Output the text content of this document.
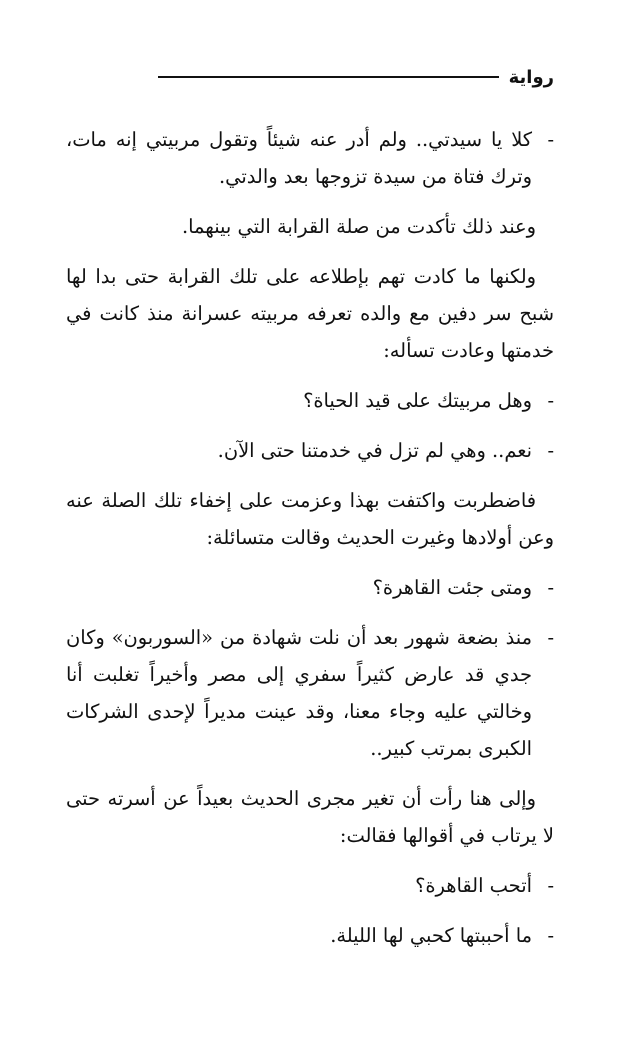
رواية

-كلا يا سيدتي.. ولم أدر عنه شيئاً وتقول مربيتي إنه مات، وترك فتاة من سيدة تزوجها بعد والدتي.

وعند ذلك تأكدت من صلة القرابة التي بينهما.

ولكنها ما كادت تهم بإطلاعه على تلك القرابة حتى بدا لها شبح سر دفين مع والده تعرفه مربيته عسرانة منذ كانت في خدمتها وعادت تسأله:

-وهل مربيتك على قيد الحياة؟

-نعم.. وهي لم تزل في خدمتنا حتى الآن.

فاضطربت واكتفت بهذا وعزمت على إخفاء تلك الصلة عنه وعن أولادها وغيرت الحديث وقالت متسائلة:

-ومتى جئت القاهرة؟

-منذ بضعة شهور بعد أن نلت شهادة من «السوربون» وكان جدي قد عارض كثيراً سفري إلى مصر وأخيراً تغلبت أنا وخالتي عليه وجاء معنا، وقد عينت مديراً لإحدى الشركات الكبرى بمرتب كبير..

وإلى هنا رأت أن تغير مجرى الحديث بعيداً عن أسرته حتى لا يرتاب في أقوالها فقالت:

-أتحب القاهرة؟

-ما أحببتها كحبي لها الليلة.
